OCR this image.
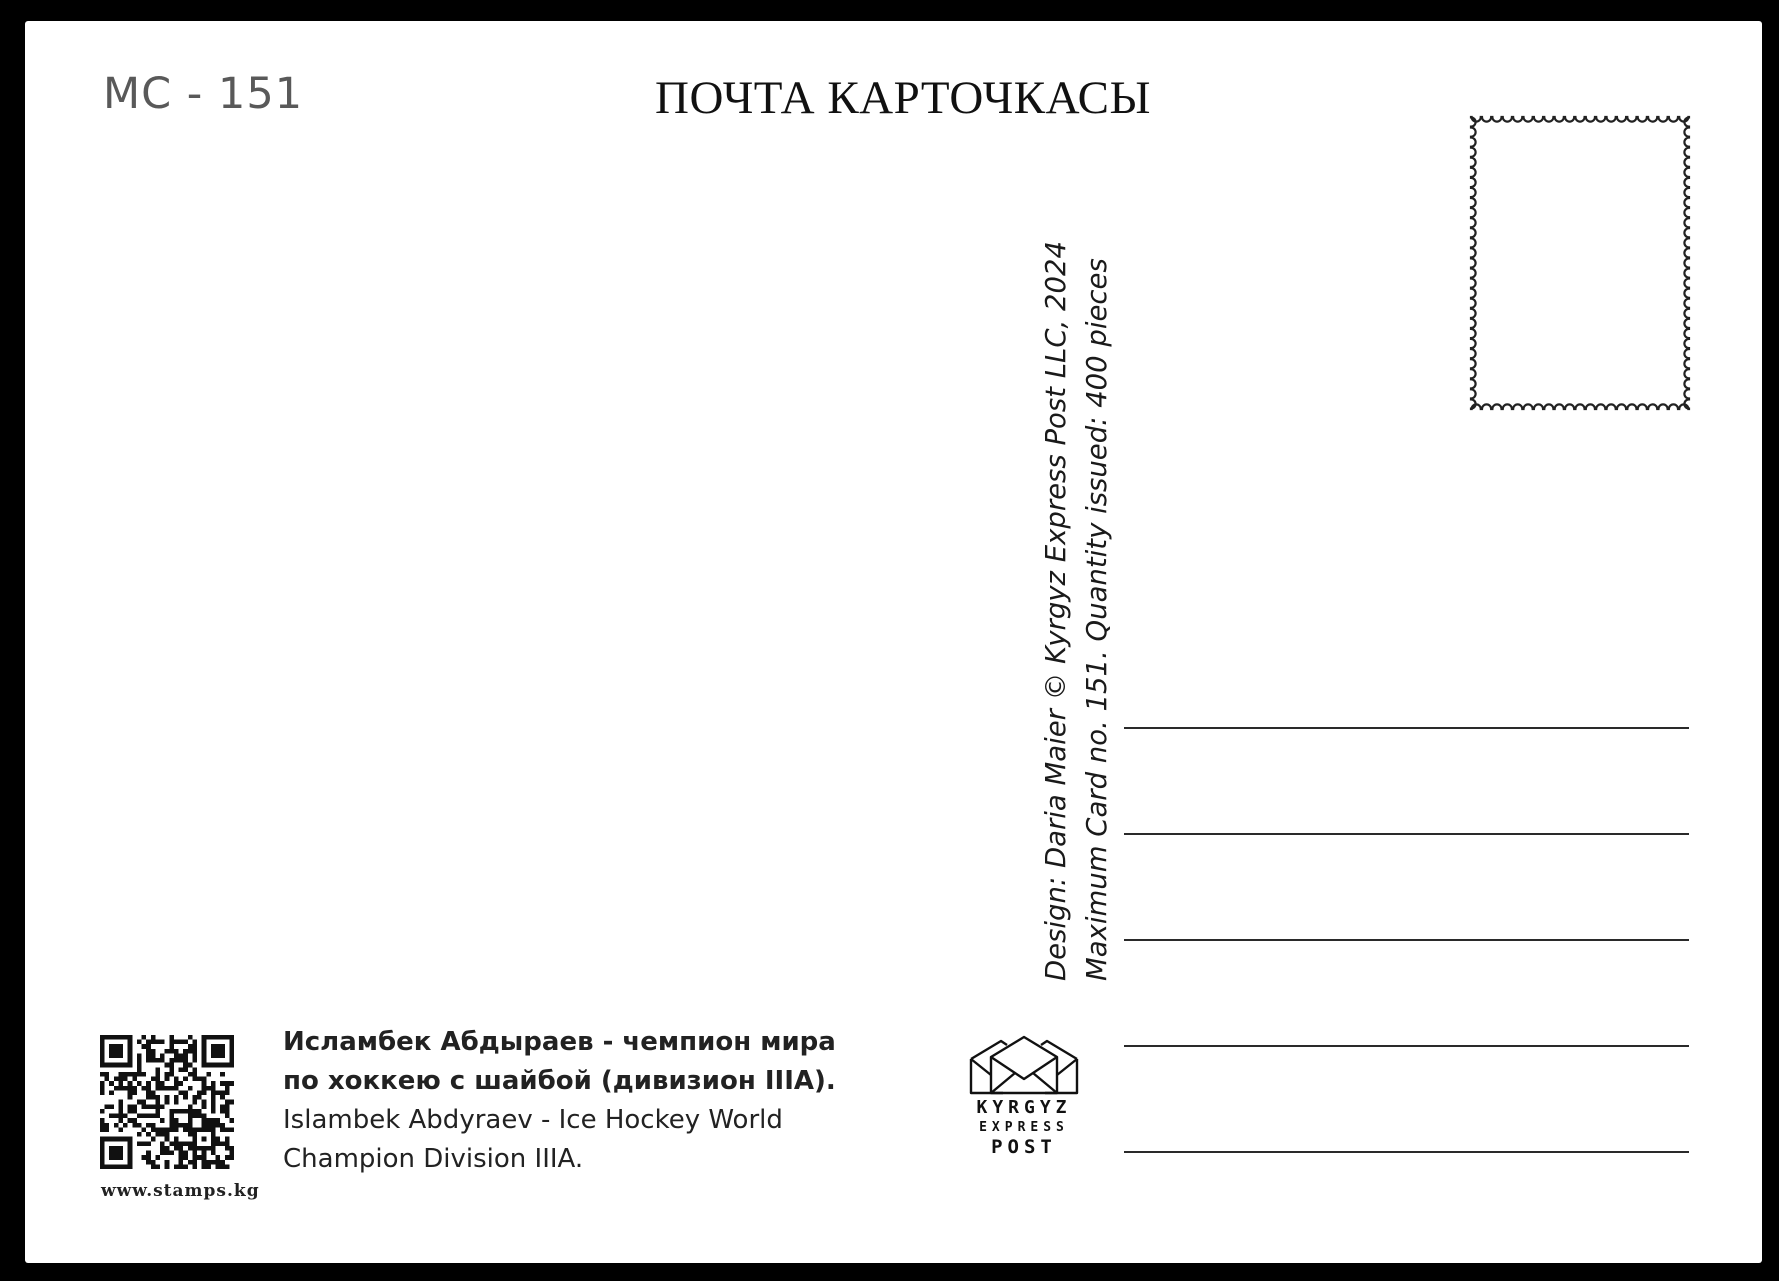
MC - 151	ПОЧТА КАРТОЧКАСЫ
Design: Daria Maier © Kyrgyz Express Post LLC, 2024 Maximum Card no. 151. Quantity issued: 400 pieces
www.stamps.kg
Исламбек Абдыраев - чемпион мира
по хоккею с шайбой (дивизион IIIA).
Islambek Abdyraev - Ice Hockey World
Champion Division IIIA.
KYRGYZ
EXPRESS
POST
